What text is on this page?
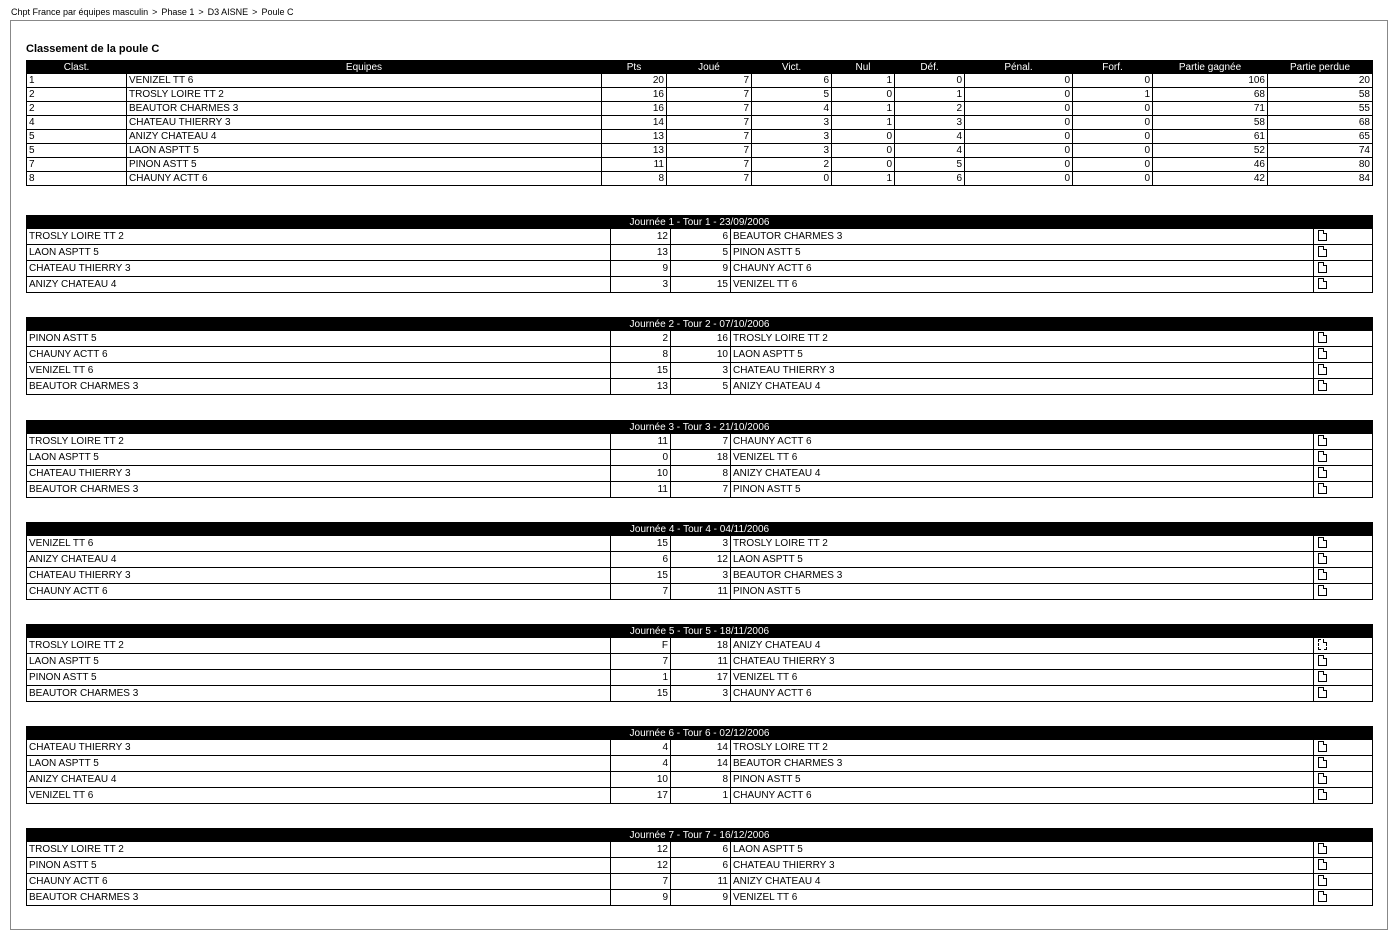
Chpt France par équipes masculin > Phase 1 > D3 AISNE > Poule C
Classement de la poule C
Clast.	Equipes	Pts	Joué	Vict.	Nul	Déf.	Pénal.	Forf.	Partie gagnée	Partie perdue
1	VENIZEL TT 6	20	7	6	1	0	0	0	106	20
2	TROSLY LOIRE TT 2	16	7	5	0	1	0	1	68	58
2	BEAUTOR CHARMES 3	16	7	4	1	2	0	0	71	55
4	CHATEAU THIERRY 3	14	7	3	1	3	0	0	58	68
5	ANIZY CHATEAU 4	13	7	3	0	4	0	0	61	65
5	LAON ASPTT 5	13	7	3	0	4	0	0	52	74
7	PINON ASTT 5	11	7	2	0	5	0	0	46	80
8	CHAUNY ACTT 6	8	7	0	1	6	0	0	42	84
Journée 1 - Tour 1 - 23/09/2006				
TROSLY LOIRE TT 2	12	6	BEAUTOR CHARMES 3	
LAON ASPTT 5	13	5	PINON ASTT 5	
CHATEAU THIERRY 3	9	9	CHAUNY ACTT 6	
ANIZY CHATEAU 4	3	15	VENIZEL TT 6	
Journée 2 - Tour 2 - 07/10/2006				
PINON ASTT 5	2	16	TROSLY LOIRE TT 2	
CHAUNY ACTT 6	8	10	LAON ASPTT 5	
VENIZEL TT 6	15	3	CHATEAU THIERRY 3	
BEAUTOR CHARMES 3	13	5	ANIZY CHATEAU 4	
Journée 3 - Tour 3 - 21/10/2006				
TROSLY LOIRE TT 2	11	7	CHAUNY ACTT 6	
LAON ASPTT 5	0	18	VENIZEL TT 6	
CHATEAU THIERRY 3	10	8	ANIZY CHATEAU 4	
BEAUTOR CHARMES 3	11	7	PINON ASTT 5	
Journée 4 - Tour 4 - 04/11/2006				
VENIZEL TT 6	15	3	TROSLY LOIRE TT 2	
ANIZY CHATEAU 4	6	12	LAON ASPTT 5	
CHATEAU THIERRY 3	15	3	BEAUTOR CHARMES 3	
CHAUNY ACTT 6	7	11	PINON ASTT 5	
Journée 5 - Tour 5 - 18/11/2006				
TROSLY LOIRE TT 2	F	18	ANIZY CHATEAU 4	
LAON ASPTT 5	7	11	CHATEAU THIERRY 3	
PINON ASTT 5	1	17	VENIZEL TT 6	
BEAUTOR CHARMES 3	15	3	CHAUNY ACTT 6	
Journée 6 - Tour 6 - 02/12/2006				
CHATEAU THIERRY 3	4	14	TROSLY LOIRE TT 2	
LAON ASPTT 5	4	14	BEAUTOR CHARMES 3	
ANIZY CHATEAU 4	10	8	PINON ASTT 5	
VENIZEL TT 6	17	1	CHAUNY ACTT 6	
Journée 7 - Tour 7 - 16/12/2006				
TROSLY LOIRE TT 2	12	6	LAON ASPTT 5	
PINON ASTT 5	12	6	CHATEAU THIERRY 3	
CHAUNY ACTT 6	7	11	ANIZY CHATEAU 4	
BEAUTOR CHARMES 3	9	9	VENIZEL TT 6	
